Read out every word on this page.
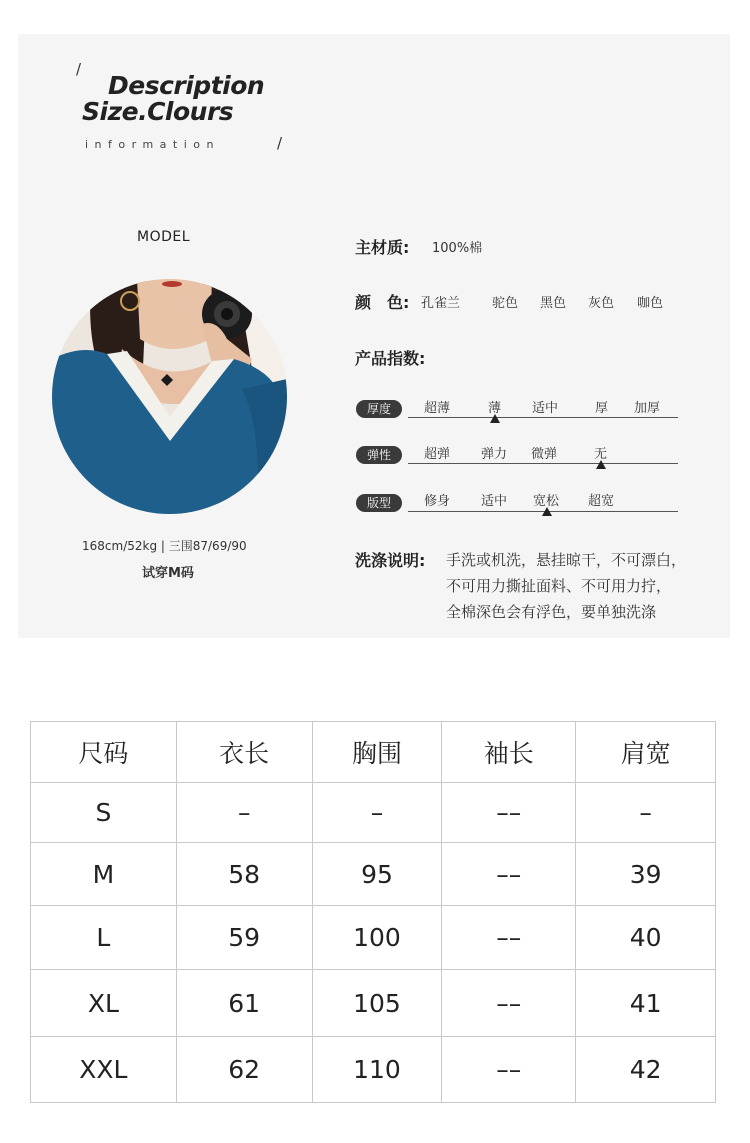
/
Description
Size.Clours
information	/
MODEL
168cm/52kg | 三围87/69/90
试穿M码
主材质: 100%棉
颜　色: 孔雀兰 驼色 黑色 灰色 咖色
产品指数:
厚度	超薄	薄 适中	厚 加厚
弹性	超弹 弹力 微弹	无
版型	修身 适中 宽松 超宽
洗涤说明: 手洗或机洗，悬挂晾干，不可漂白，
不可用力撕扯面料、不可用力拧，
全棉深色会有浮色，要单独洗涤
尺码	衣长	胸围	袖长	肩宽
S	–	–	––	–
M	58	95	––	39
L	59	100	––	40
XL	61	105	––	41
XXL	62	110	––	42
